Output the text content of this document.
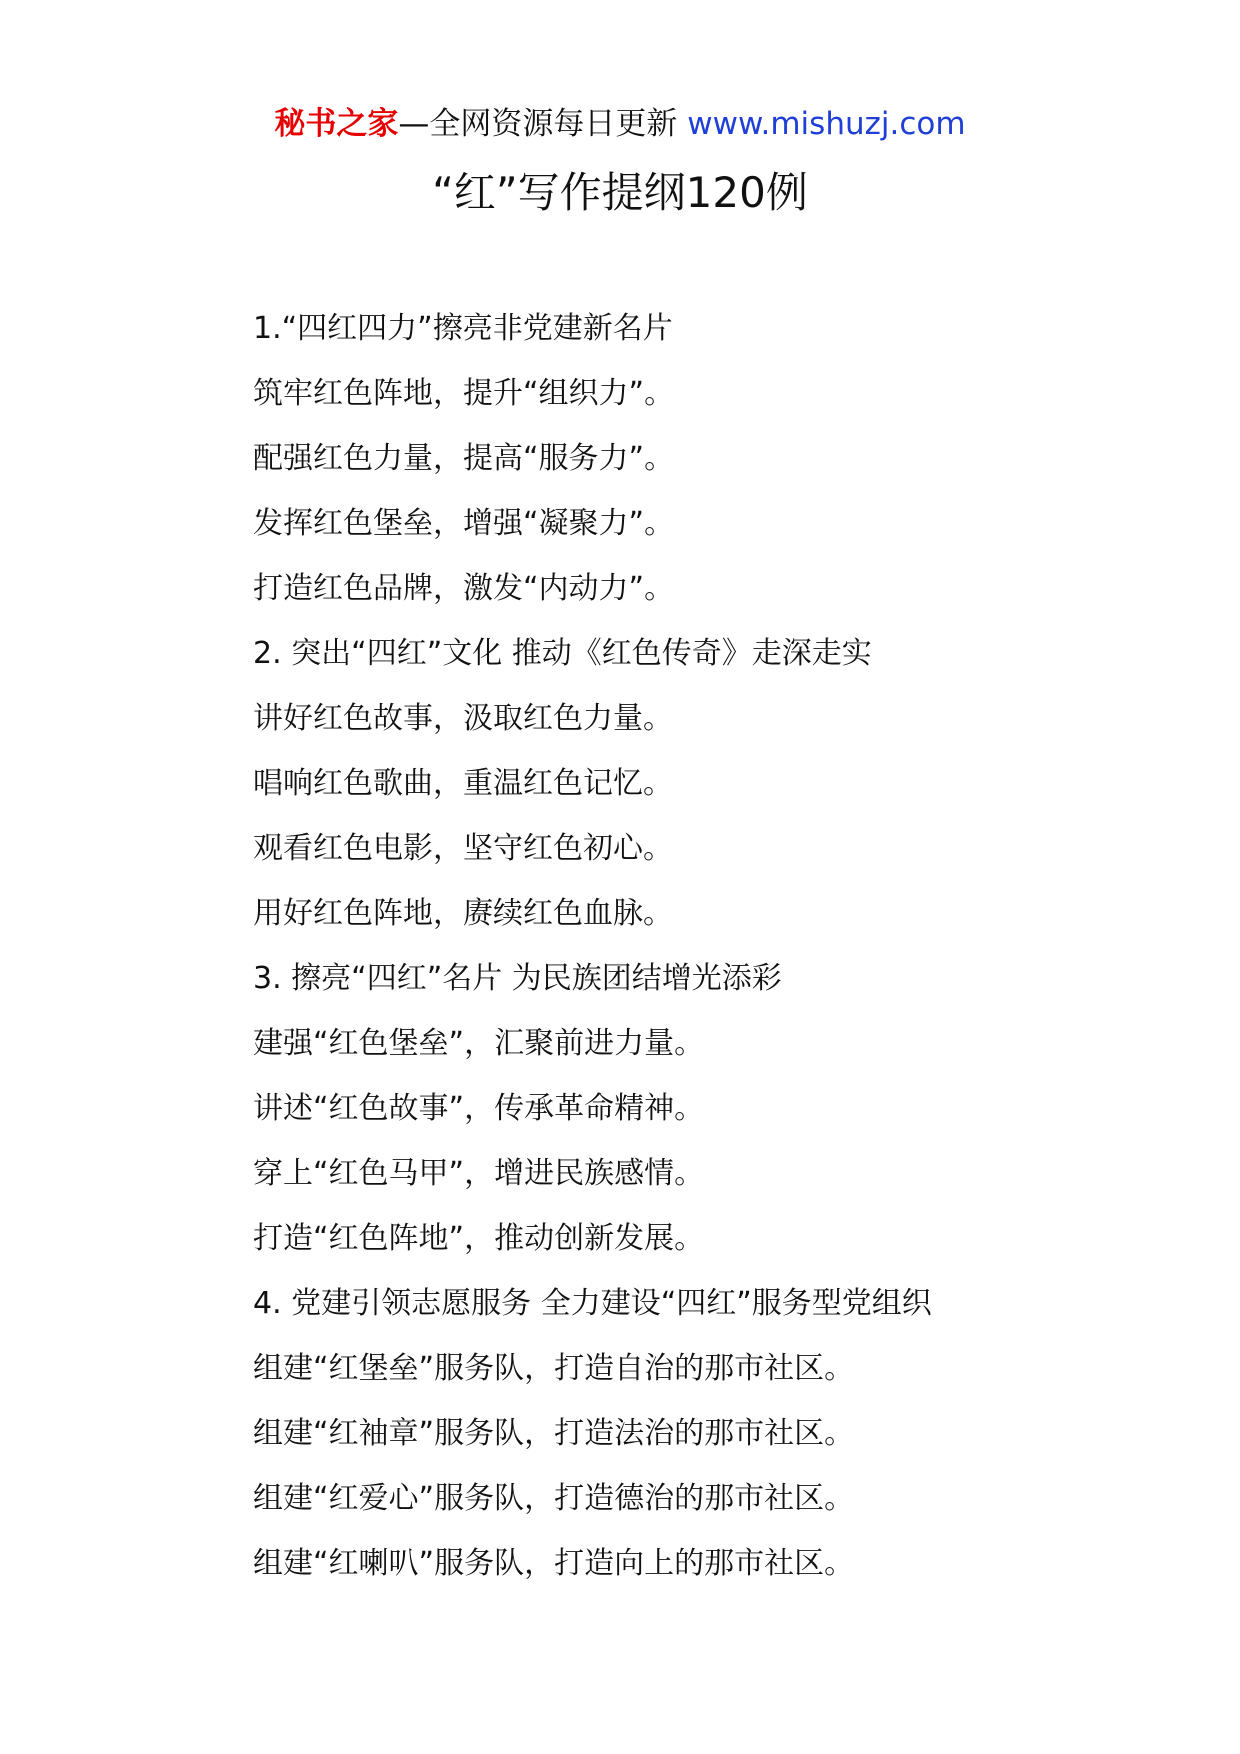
秘书之家—全网资源每日更新 www.mishuzj.com
“红”写作提纲120例
1.“四红四力”擦亮非党建新名片
筑牢红色阵地，提升“组织力”。
配强红色力量，提高“服务力”。
发挥红色堡垒，增强“凝聚力”。
打造红色品牌，激发“内动力”。
2. 突出“四红”文化 推动《红色传奇》走深走实
讲好红色故事，汲取红色力量。
唱响红色歌曲，重温红色记忆。
观看红色电影，坚守红色初心。
用好红色阵地，赓续红色血脉。
3. 擦亮“四红”名片 为民族团结增光添彩
建强“红色堡垒”，汇聚前进力量。
讲述“红色故事”，传承革命精神。
穿上“红色马甲”，增进民族感情。
打造“红色阵地”，推动创新发展。
4. 党建引领志愿服务 全力建设“四红”服务型党组织
组建“红堡垒”服务队，打造自治的那市社区。
组建“红袖章”服务队，打造法治的那市社区。
组建“红爱心”服务队，打造德治的那市社区。
组建“红喇叭”服务队，打造向上的那市社区。
